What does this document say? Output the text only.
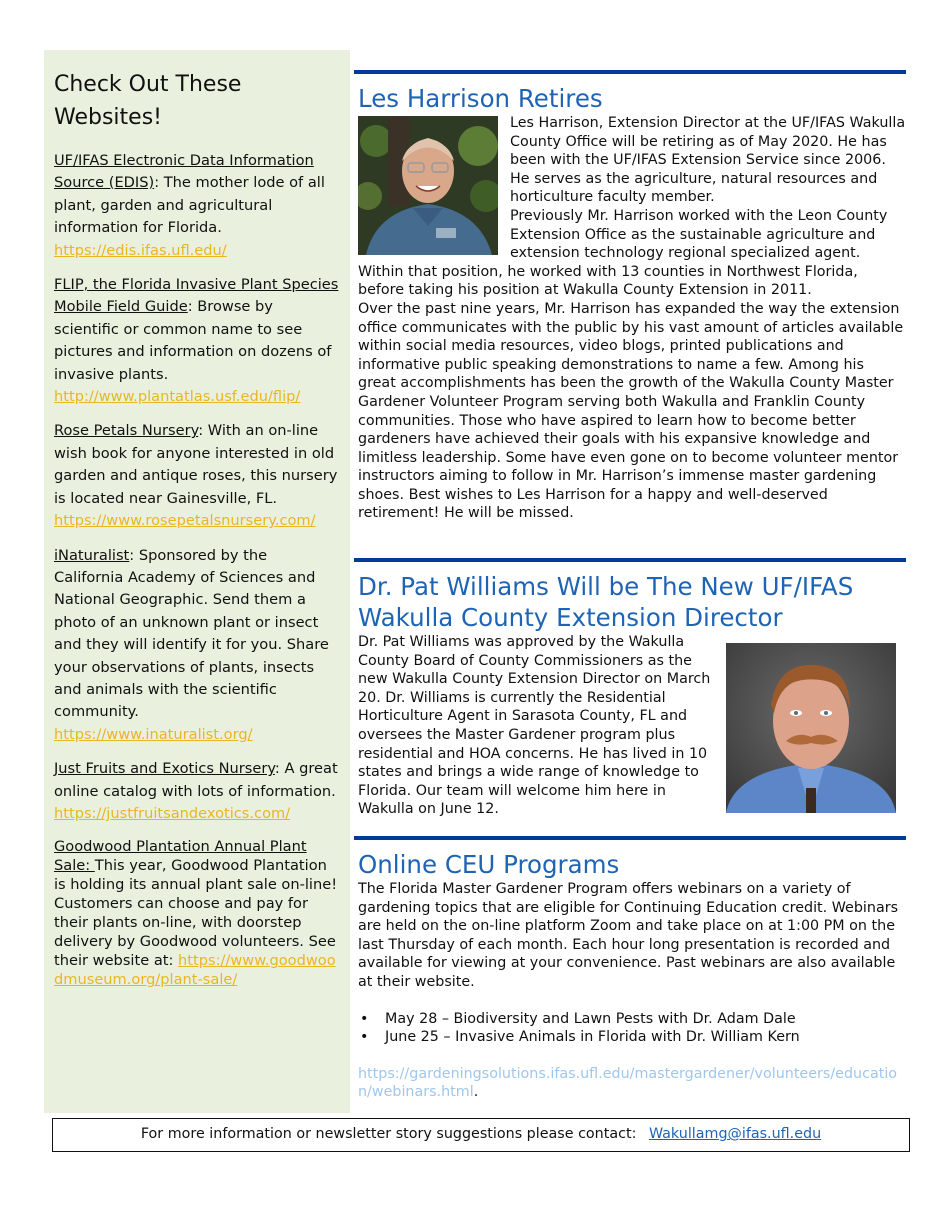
Check Out These Websites!
UF/IFAS Electronic Data Information Source (EDIS): The mother lode of all plant, garden and agricultural information for Florida.
https://edis.ifas.ufl.edu/
FLIP, the Florida Invasive Plant Species Mobile Field Guide: Browse by scientific or common name to see pictures and information on dozens of invasive plants.
http://www.plantatlas.usf.edu/flip/
Rose Petals Nursery: With an on-line wish book for anyone interested in old garden and antique roses, this nursery is located near Gainesville, FL.
https://www.rosepetalsnursery.com/
iNaturalist: Sponsored by the California Academy of Sciences and National Geographic. Send them a photo of an unknown plant or insect and they will identify it for you. Share your observations of plants, insects and animals with the scientific community.
https://www.inaturalist.org/
Just Fruits and Exotics Nursery: A great online catalog with lots of information.
https://justfruitsandexotics.com/
Goodwood Plantation Annual Plant Sale: This year, Goodwood Plantation is holding its annual plant sale on-line! Customers can choose and pay for their plants on-line, with doorstep delivery by Goodwood volunteers. See their website at: https://www.goodwoodmuseum.org/plant-sale/
Les Harrison Retires
Les Harrison, Extension Director at the UF/IFAS Wakulla County Office will be retiring as of May 2020. He has been with the UF/IFAS Extension Service since 2006. He serves as the agriculture, natural resources and horticulture faculty member.
Previously Mr. Harrison worked with the Leon County Extension Office as the sustainable agriculture and extension technology regional specialized agent. Within that position, he worked with 13 counties in Northwest Florida, before taking his position at Wakulla County Extension in 2011.
Over the past nine years, Mr. Harrison has expanded the way the extension office communicates with the public by his vast amount of articles available within social media resources, video blogs, printed publications and informative public speaking demonstrations to name a few. Among his great accomplishments has been the growth of the Wakulla County Master Gardener Volunteer Program serving both Wakulla and Franklin County communities. Those who have aspired to learn how to become better gardeners have achieved their goals with his expansive knowledge and limitless leadership. Some have even gone on to become volunteer mentor instructors aiming to follow in Mr. Harrison’s immense master gardening shoes. Best wishes to Les Harrison for a happy and well-deserved retirement! He will be missed.
Dr. Pat Williams Will be The New UF/IFAS Wakulla County Extension Director
Dr. Pat Williams was approved by the Wakulla County Board of County Commissioners as the new Wakulla County Extension Director on March 20. Dr. Williams is currently the Residential Horticulture Agent in Sarasota County, FL and oversees the Master Gardener program plus residential and HOA concerns. He has lived in 10 states and brings a wide range of knowledge to Florida. Our team will welcome him here in Wakulla on June 12.
Online CEU Programs
The Florida Master Gardener Program offers webinars on a variety of gardening topics that are eligible for Continuing Education credit. Webinars are held on the on-line platform Zoom and take place on at 1:00 PM on the last Thursday of each month. Each hour long presentation is recorded and available for viewing at your convenience. Past webinars are also available at their website.
• May 28 – Biodiversity and Lawn Pests with Dr. Adam Dale
• June 25 – Invasive Animals in Florida with Dr. William Kern
https://gardeningsolutions.ifas.ufl.edu/mastergardener/volunteers/education/webinars.html.
For more information or newsletter story suggestions please contact: Wakullamg@ifas.ufl.edu
